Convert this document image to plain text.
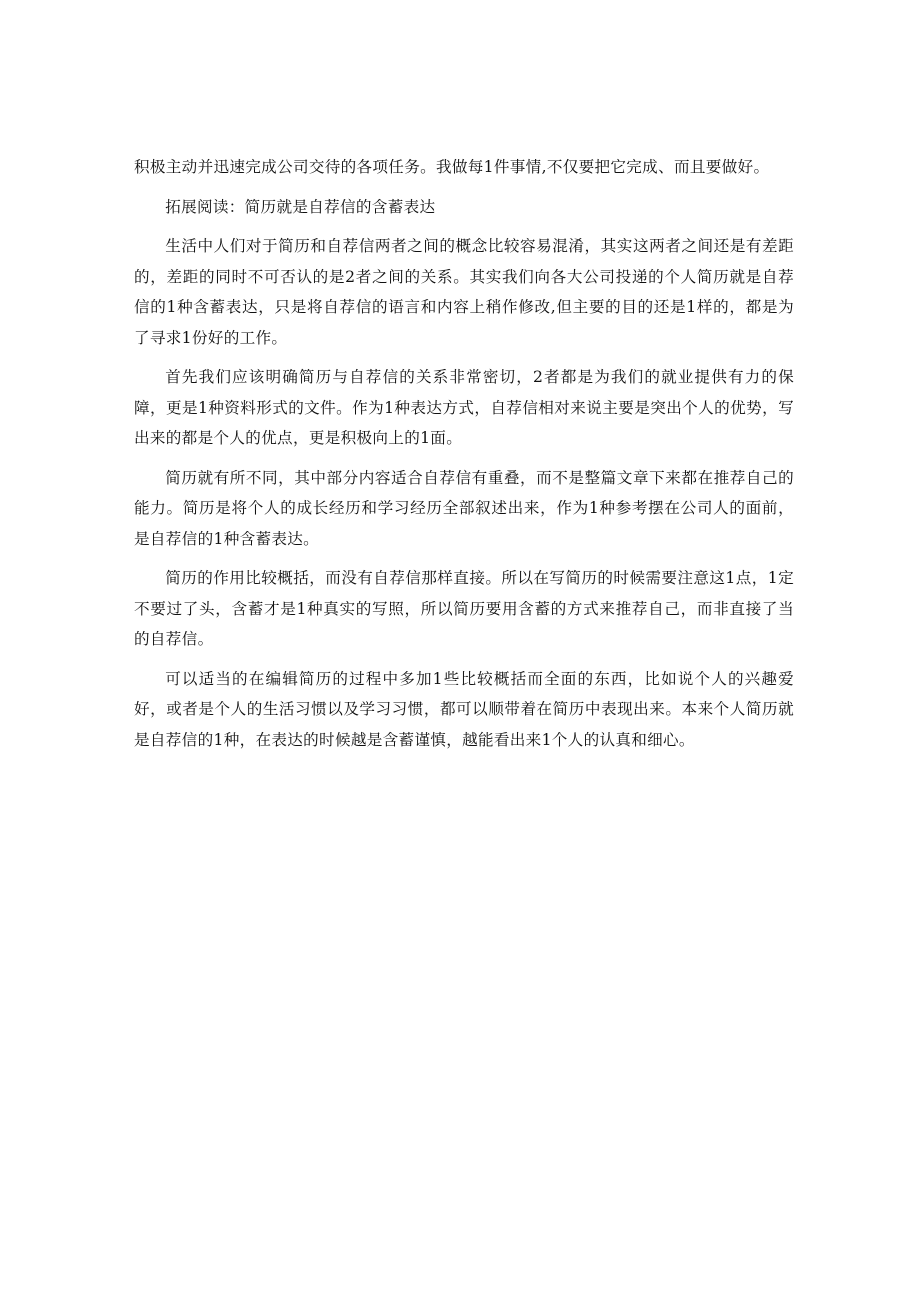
积极主动并迅速完成公司交待的各项任务。我做每1件事情,不仅要把它完成、而且要做好。

拓展阅读：简历就是自荐信的含蓄表达

生活中人们对于简历和自荐信两者之间的概念比较容易混淆，其实这两者之间还是有差距的，差距的同时不可否认的是2者之间的关系。其实我们向各大公司投递的个人简历就是自荐信的1种含蓄表达，只是将自荐信的语言和内容上稍作修改,但主要的目的还是1样的，都是为了寻求1份好的工作。

首先我们应该明确简历与自荐信的关系非常密切，2者都是为我们的就业提供有力的保障，更是1种资料形式的文件。作为1种表达方式，自荐信相对来说主要是突出个人的优势，写出来的都是个人的优点，更是积极向上的1面。

简历就有所不同，其中部分内容适合自荐信有重叠，而不是整篇文章下来都在推荐自己的能力。简历是将个人的成长经历和学习经历全部叙述出来，作为1种参考摆在公司人的面前，是自荐信的1种含蓄表达。

简历的作用比较概括，而没有自荐信那样直接。所以在写简历的时候需要注意这1点，1定不要过了头，含蓄才是1种真实的写照，所以简历要用含蓄的方式来推荐自己，而非直接了当的自荐信。

可以适当的在编辑简历的过程中多加1些比较概括而全面的东西，比如说个人的兴趣爱好，或者是个人的生活习惯以及学习习惯，都可以顺带着在简历中表现出来。本来个人简历就是自荐信的1种，在表达的时候越是含蓄谨慎，越能看出来1个人的认真和细心。
